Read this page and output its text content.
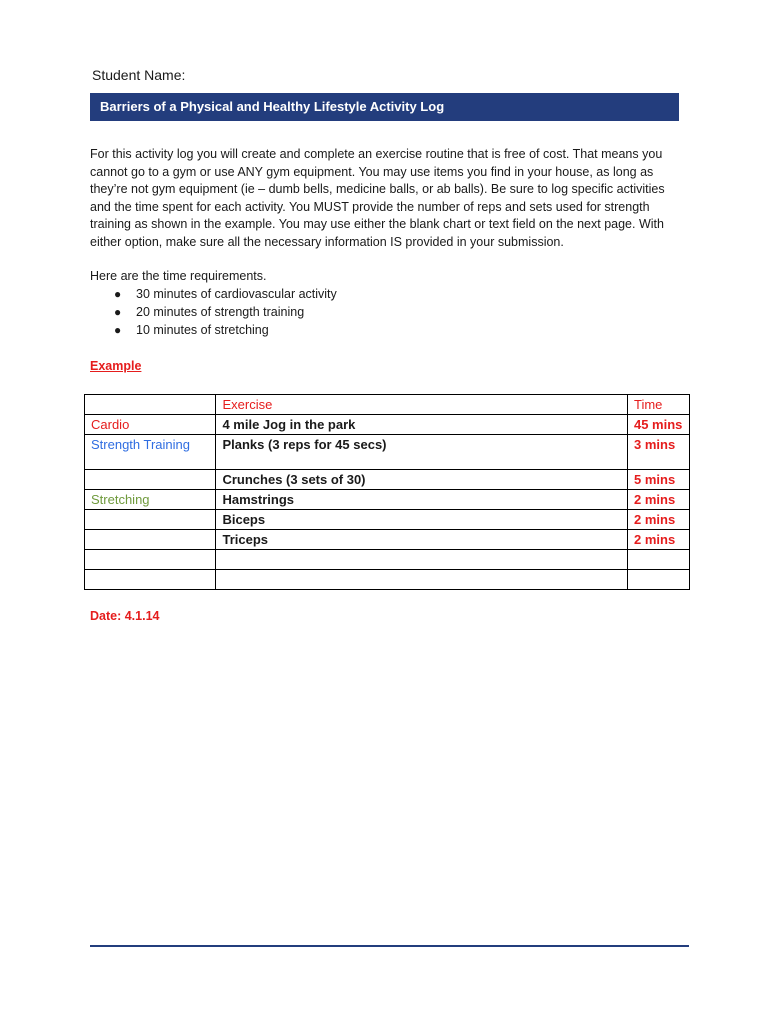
Student Name:
Barriers of a Physical and Healthy Lifestyle Activity Log

For this activity log you will create and complete an exercise routine that is free of cost. That means you cannot go to a gym or use ANY gym equipment. You may use items you find in your house, as long as they’re not gym equipment (ie – dumb bells, medicine balls, or ab balls). Be sure to log specific activities and the time spent for each activity. You MUST provide the number of reps and sets used for strength training as shown in the example. You may use either the blank chart or text field on the next page. With either option, make sure all the necessary information IS provided in your submission.

Here are the time requirements.

● 30 minutes of cardiovascular activity
● 20 minutes of strength training
● 10 minutes of stretching
Example
	Exercise	Time
Cardio	4 mile Jog in the park	45 mins
Strength Training	Planks (3 reps for 45 secs)	3 mins
	Crunches (3 sets of 30)	5 mins
Stretching	Hamstrings	2 mins
	Biceps	2 mins
	Triceps	2 mins

Date: 4.1.14
